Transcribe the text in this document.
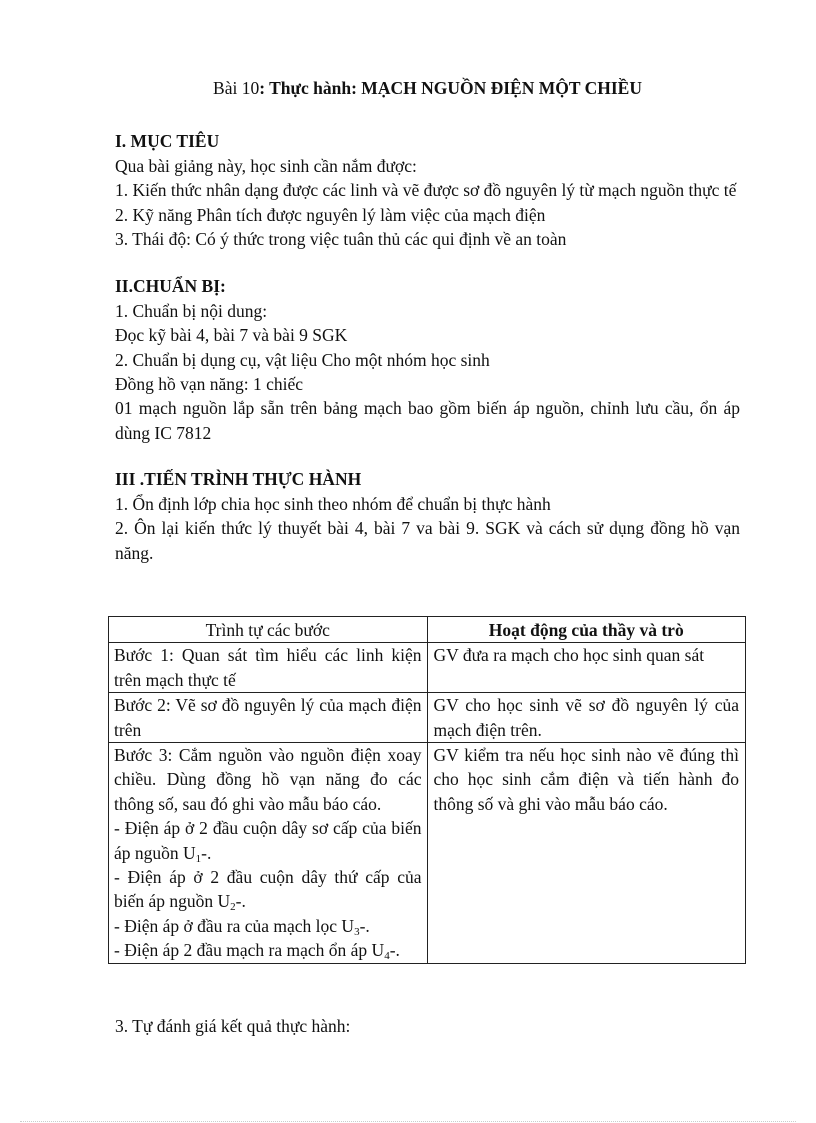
Bài 10: Thực hành: MẠCH NGUỒN ĐIỆN MỘT CHIỀU
I. MỤC TIÊU

Qua bài giảng này, học sinh cần nắm được:

1. Kiến thức nhân dạng được các linh và vẽ được sơ đồ nguyên lý từ mạch nguồn thực tế

2. Kỹ năng Phân tích được nguyên lý làm việc của mạch điện

3. Thái độ: Có ý thức trong việc tuân thủ các qui định về an toàn

II.CHUẨN BỊ:

1. Chuẩn bị nội dung:

Đọc kỹ bài 4, bài 7 và bài 9 SGK

2. Chuẩn bị dụng cụ, vật liệu Cho một nhóm học sinh

Đồng hồ vạn năng: 1 chiếc

01 mạch nguồn lắp sẵn trên bảng mạch bao gồm biến áp nguồn, chỉnh lưu cầu, ổn áp dùng IC 7812

III .TIẾN TRÌNH THỰC HÀNH

1. Ổn định lớp chia học sinh theo nhóm để chuẩn bị thực hành

2. Ôn lại kiến thức lý thuyết bài 4, bài 7 va bài 9. SGK và cách sử dụng đồng hồ vạn năng.

Trình tự các bước	Hoạt động của thầy và trò
Bước 1: Quan sát tìm hiểu các linh kiện trên mạch thực tế	GV đưa ra mạch cho học sinh quan sát
Bước 2: Vẽ sơ đồ nguyên lý của mạch điện trên	GV cho học sinh vẽ sơ đồ nguyên lý của mạch điện trên.

Bước 3: Cắm nguồn vào nguồn điện xoay chiều. Dùng đồng hồ vạn năng đo các thông số, sau đó ghi vào mẫu báo cáo.
- Điện áp ở 2 đầu cuộn dây sơ cấp của biến áp nguồn $U_1-$.
- Điện áp ở 2 đầu cuộn dây thứ cấp của biến áp nguồn $U_2-$.
- Điện áp ở đầu ra của mạch lọc $U_3-$.
- Điện áp 2 đầu mạch ra mạch ổn áp $U_4-$.	GV kiểm tra nếu học sinh nào vẽ đúng thì cho học sinh cắm điện và tiến hành đo thông số và ghi vào mẫu báo cáo.
3. Tự đánh giá kết quả thực hành:
